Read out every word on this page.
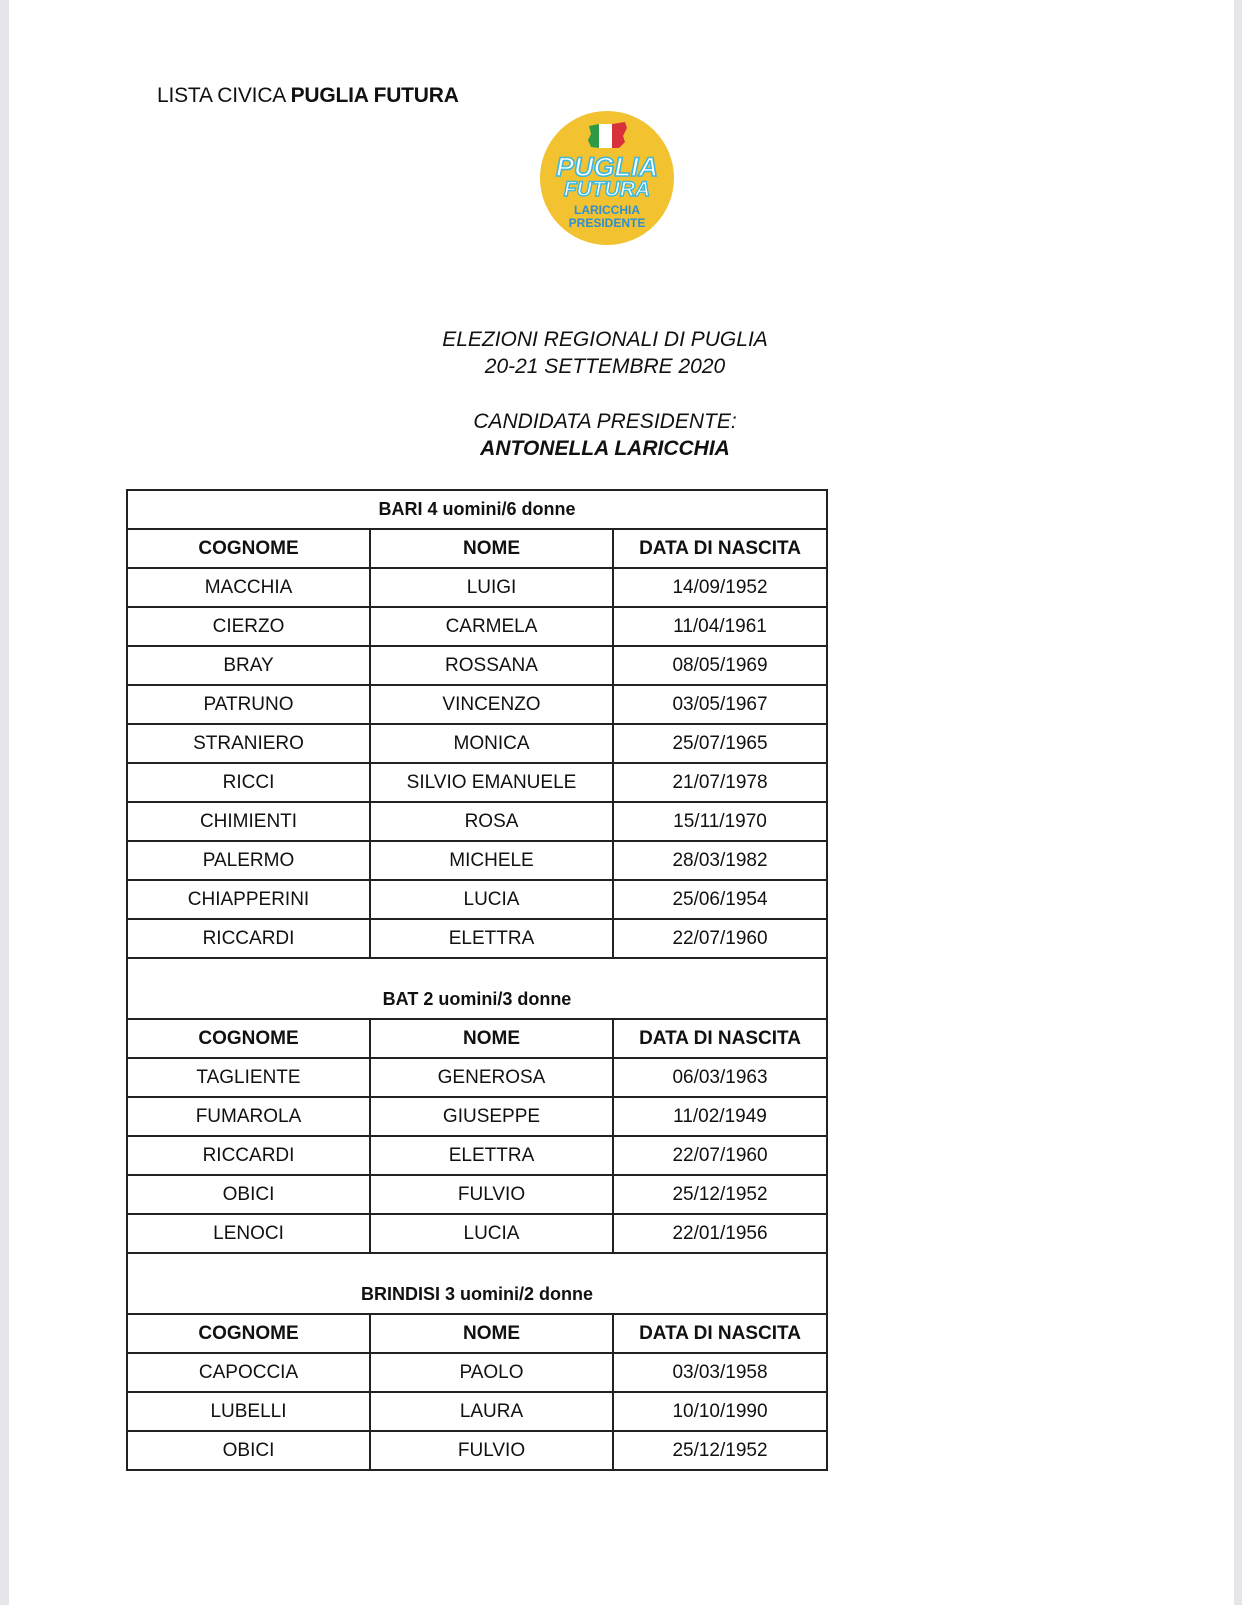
LISTA CIVICA PUGLIA FUTURA
PUGLIA
FUTURA
LARICCHIA
PRESIDENTE
ELEZIONI REGIONALI DI PUGLIA
20-21 SETTEMBRE 2020
CANDIDATA PRESIDENTE:
ANTONELLA LARICCHIA
BARI 4 uomini/6 donne		
COGNOME	NOME	DATA DI NASCITA
MACCHIA	LUIGI	14/09/1952
CIERZO	CARMELA	11/04/1961
BRAY	ROSSANA	08/05/1969
PATRUNO	VINCENZO	03/05/1967
STRANIERO	MONICA	25/07/1965
RICCI	SILVIO EMANUELE	21/07/1978
CHIMIENTI	ROSA	15/11/1970
PALERMO	MICHELE	28/03/1982
CHIAPPERINI	LUCIA	25/06/1954
RICCARDI	ELETTRA	22/07/1960
BAT 2 uomini/3 donne		
COGNOME	NOME	DATA DI NASCITA
TAGLIENTE	GENEROSA	06/03/1963
FUMAROLA	GIUSEPPE	11/02/1949
RICCARDI	ELETTRA	22/07/1960
OBICI	FULVIO	25/12/1952
LENOCI	LUCIA	22/01/1956
BRINDISI 3 uomini/2 donne		
COGNOME	NOME	DATA DI NASCITA
CAPOCCIA	PAOLO	03/03/1958
LUBELLI	LAURA	10/10/1990
OBICI	FULVIO	25/12/1952
